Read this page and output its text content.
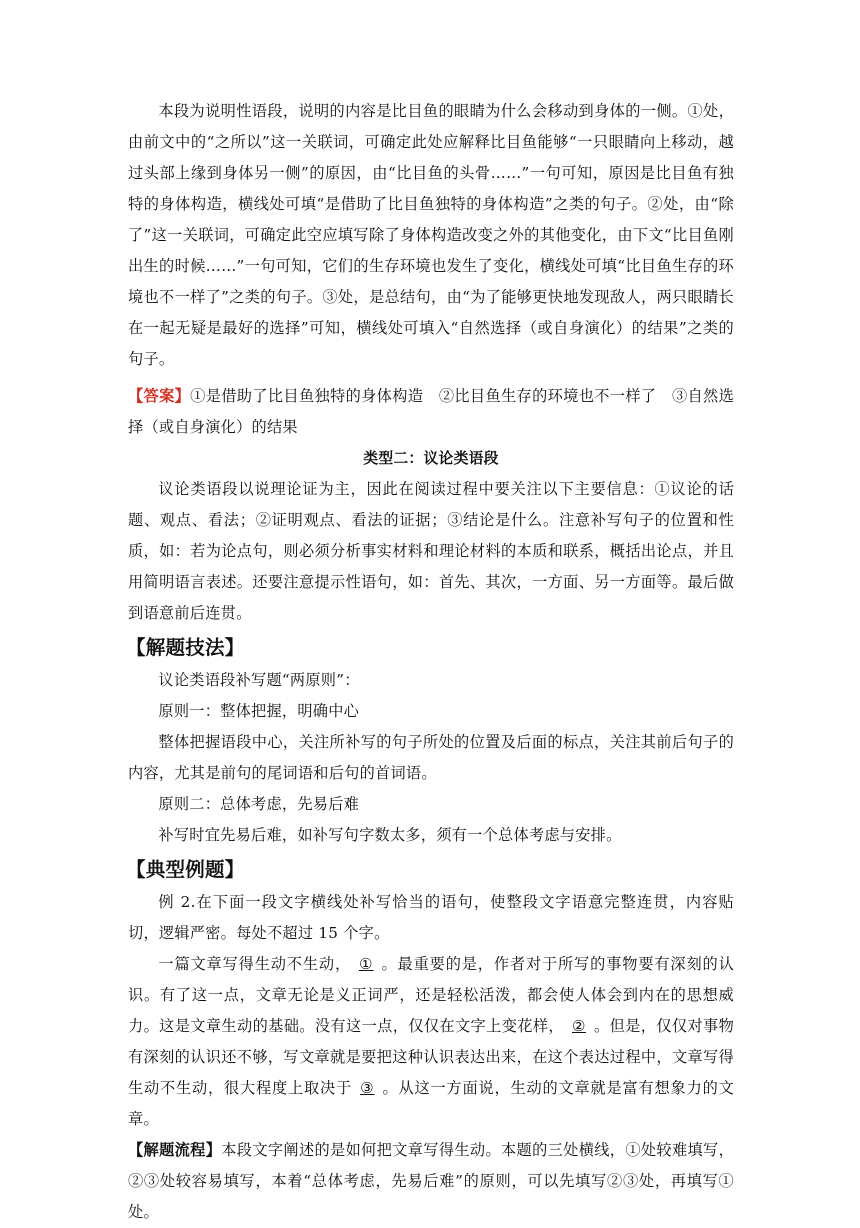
本段为说明性语段，说明的内容是比目鱼的眼睛为什么会移动到身体的一侧。①处，由前文中的“之所以”这一关联词，可确定此处应解释比目鱼能够“一只眼睛向上移动，越过头部上缘到身体另一侧”的原因，由“比目鱼的头骨……”一句可知，原因是比目鱼有独特的身体构造，横线处可填“是借助了比目鱼独特的身体构造”之类的句子。②处，由“除了”这一关联词，可确定此空应填写除了身体构造改变之外的其他变化，由下文“比目鱼刚出生的时候……”一句可知，它们的生存环境也发生了变化，横线处可填“比目鱼生存的环境也不一样了”之类的句子。③处，是总结句，由“为了能够更快地发现敌人，两只眼睛长在一起无疑是最好的选择”可知，横线处可填入“自然选择（或自身演化）的结果”之类的句子。

【答案】①是借助了比目鱼独特的身体构造　②比目鱼生存的环境也不一样了　③自然选择（或自身演化）的结果

类型二：议论类语段

议论类语段以说理论证为主，因此在阅读过程中要关注以下主要信息：①议论的话题、观点、看法；②证明观点、看法的证据；③结论是什么。注意补写句子的位置和性质，如：若为论点句，则必须分析事实材料和理论材料的本质和联系，概括出论点，并且用简明语言表述。还要注意提示性语句，如：首先、其次，一方面、另一方面等。最后做到语意前后连贯。

【解题技法】

议论类语段补写题“两原则”：

原则一：整体把握，明确中心

整体把握语段中心，关注所补写的句子所处的位置及后面的标点，关注其前后句子的内容，尤其是前句的尾词语和后句的首词语。

原则二：总体考虑，先易后难

补写时宜先易后难，如补写句字数太多，须有一个总体考虑与安排。

【典型例题】

例 2.在下面一段文字横线处补写恰当的语句，使整段文字语意完整连贯，内容贴切，逻辑严密。每处不超过 15 个字。

一篇文章写得生动不生动， ① 。最重要的是，作者对于所写的事物要有深刻的认识。有了这一点，文章无论是义正词严，还是轻松活泼，都会使人体会到内在的思想威力。这是文章生动的基础。没有这一点，仅仅在文字上变花样， ② 。但是，仅仅对事物有深刻的认识还不够，写文章就是要把这种认识表达出来，在这个表达过程中，文章写得生动不生动，很大程度上取决于 ③ 。从这一方面说，生动的文章就是富有想象力的文章。

【解题流程】本段文字阐述的是如何把文章写得生动。本题的三处横线，①处较难填写，②③处较容易填写，本着“总体考虑，先易后难”的原则，可以先填写②③处，再填写①处。
